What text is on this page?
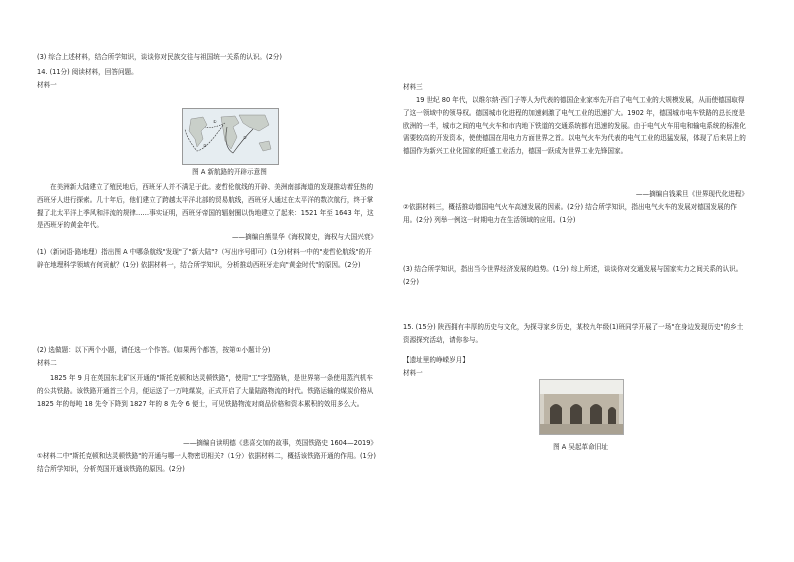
(3) 综合上述材料，结合所学知识，谈谈你对民族交往与祖国统一关系的认识。(2分)
14. (11分) 阅读材料，回答问题。
材料一
①
②
③
图 A 新航路的开辟示意图
在美洲新大陆建立了殖民地后，西班牙人并不满足于此。麦哲伦航线的开辟、美洲南部海道的发现推动着狂热的西班牙人进行探索。几十年后，他们建立了跨越太平洋北部的贸易航线，西班牙人通过在太平洋的数次航行，终于掌握了北太平洋上季风和洋流的规律……事实证明，西班牙帝国的辐射圈以伪地建立了起来：1521 年至 1643 年，这是西班牙的黄金年代。
——摘编自熊显华《海权简史，海权与大国兴衰》
(1)（新词语·路地理）指出图 A 中哪条航线"发现"了"新大陆"?（写出序号即可）(1分)材料一中的"麦哲伦航线"的开辟在地理科学领域有何贡献？(1分) 依据材料一，结合所学知识，分析推动西班牙走向"黄金时代"的原因。(2分)
(2) 选做题：以下两个小题，请任选一个作答。(如果两个都答，按第①小题计分)
材料二
1825 年 9 月在英国东北矿区开通的"斯托克顿和达灵顿铁路"，使用"工"字型路轨，是世界第一条使用蒸汽机车的公共铁路。该铁路开通首三个月，便运送了一万吨煤炭，正式开启了大量陆路物流的时代。铁路运输的煤炭价格从 1825 年的每吨 18 先令下降到 1827 年的 8 先令 6 便士，可见铁路物流对商品价格和资本累积的效用多么大。
——摘编自读明德《悲喜交加的故事，英国铁路史 1604—2019》
①材料二中"斯托克顿和达灵顿铁路"的开通与哪一人物密切相关?（1分）依据材料二，概括该铁路开通的作用。(1分) 结合所学知识，分析英国开通该铁路的原因。(2分)
材料三
19 世纪 80 年代，以维尔纳·西门子等人为代表的德国企业家率先开启了电气工业的大规模发展，从而使德国取得了这一领域中的领导权。德国城市化进程的加速刺激了电气工业的迅速扩大。1902 年，德国城市电车铁路的总长度是欧洲的一半，城市之间的电气火车和市内地下铁道的交通系统都有迅速的发展。由于电气火车用电和输电系统的标准化需要较高的开发资本，使使德国在用电力方面世界之首。以电气火车为代表的电气工业的迅猛发展，体现了后来居上的德国作为新兴工业化国家的旺盛工业活力，德国一跃成为世界工业先锋国家。
——摘编自钱乘旦《世界现代化进程》
②依据材料三，概括推动德国电气火车高速发展的因素。(2分) 结合所学知识，指出电气火车的发展对德国发展的作用。(2分) 列举一例这一时期电力在生活领域的应用。(1分)
(3) 结合所学知识，指出当今世界经济发展的趋势。(1分) 综上所述，谈谈你对交通发展与国家实力之间关系的认识。(2分)
15. (15分) 陕西拥有丰厚的历史与文化，为探寻家乡历史，某校九年级(1)班同学开展了一场"在身边发现历史"的乡土资源探究活动，请你参与。
【遗址里的峥嵘岁月】
材料一
图 A 吴起革命旧址
